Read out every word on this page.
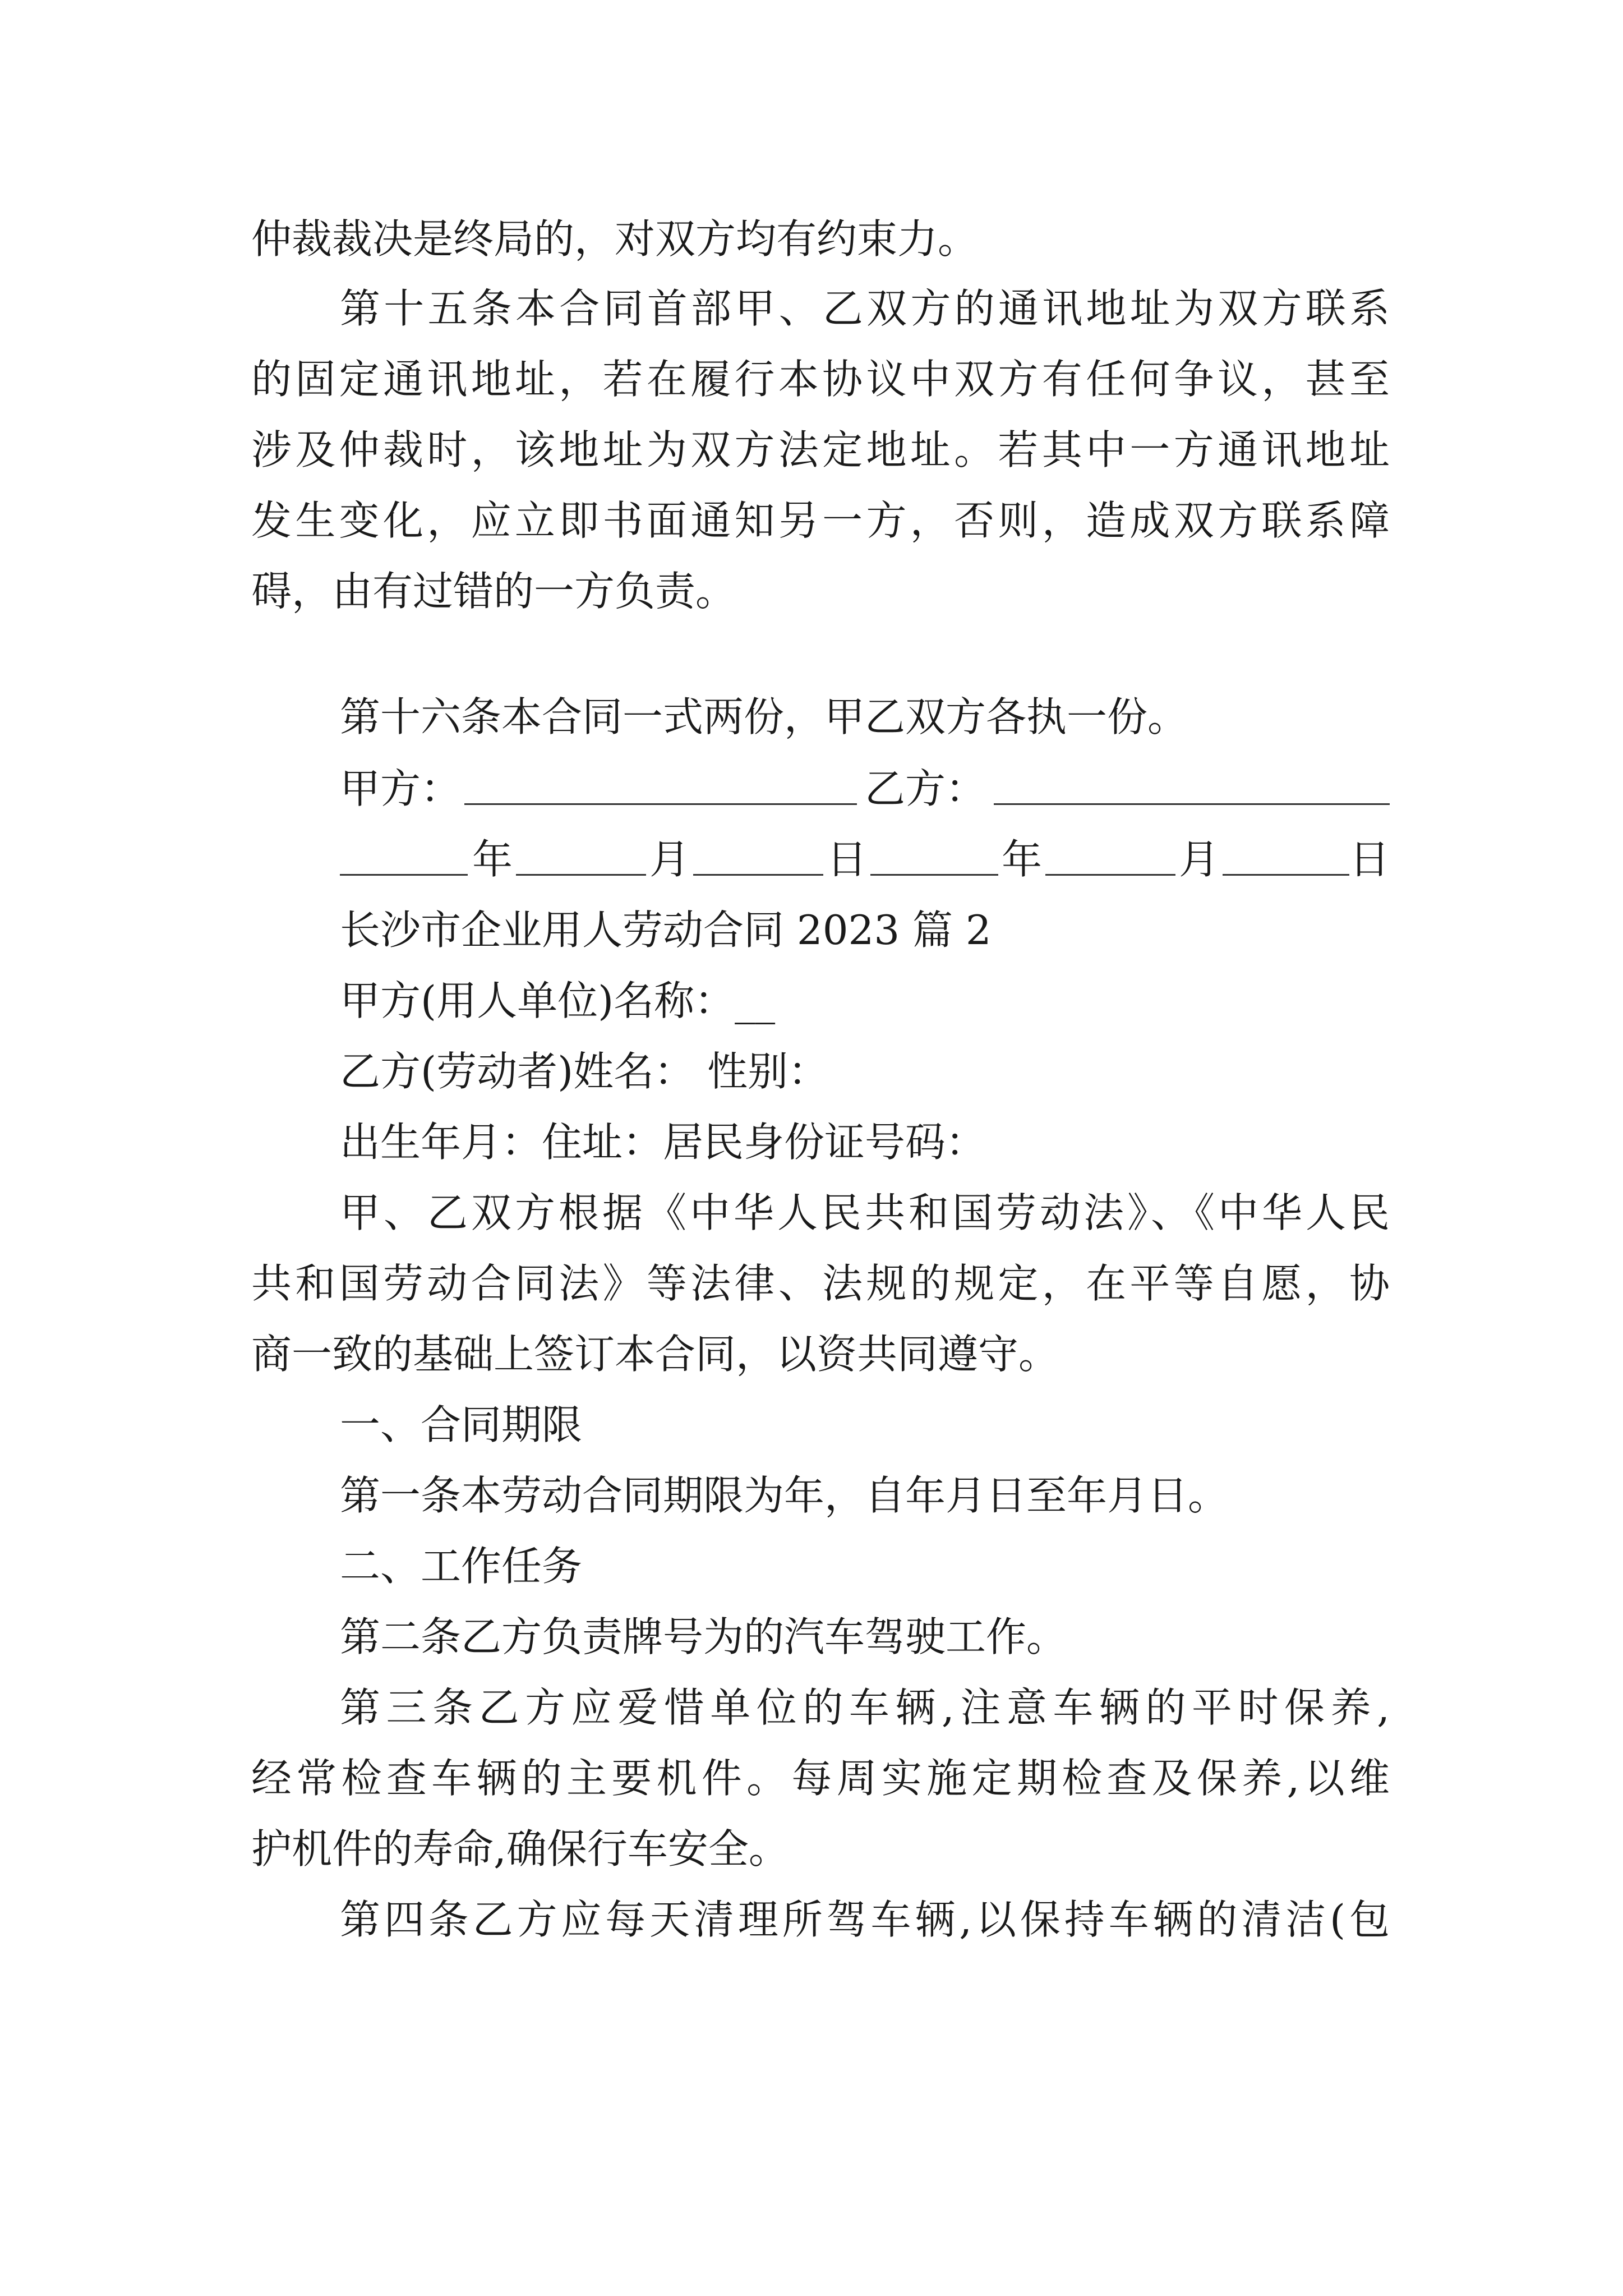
仲裁裁决是终局的，对双方均有约束力。
第十五条本合同首部甲、乙双方的通讯地址为双方联系
的固定通讯地址，若在履行本协议中双方有任何争议，甚至
涉及仲裁时，该地址为双方法定地址。若其中一方通讯地址
发生变化，应立即书面通知另一方，否则，造成双方联系障
碍，由有过错的一方负责。
第十六条本合同一式两份，甲乙双方各执一份。
甲方：	乙方：
年	月	日	年	月	日
长沙市企业用人劳动合同 2023 篇 2
甲方(用人单位)名称：__
乙方(劳动者)姓名： 性别：
出生年月：住址：居民身份证号码：
甲、乙双方根据《中华人民共和国劳动法》、《中华人民
共和国劳动合同法》等法律、法规的规定，在平等自愿，协
商一致的基础上签订本合同，以资共同遵守。
一、合同期限
第一条本劳动合同期限为年，自年月日至年月日。
二、工作任务
第二条乙方负责牌号为的汽车驾驶工作。
第三条乙方应爱惜单位的车辆,注意车辆的平时保养,
经常检查车辆的主要机件。每周实施定期检查及保养,以维
护机件的寿命,确保行车安全。
第四条乙方应每天清理所驾车辆,以保持车辆的清洁(包
